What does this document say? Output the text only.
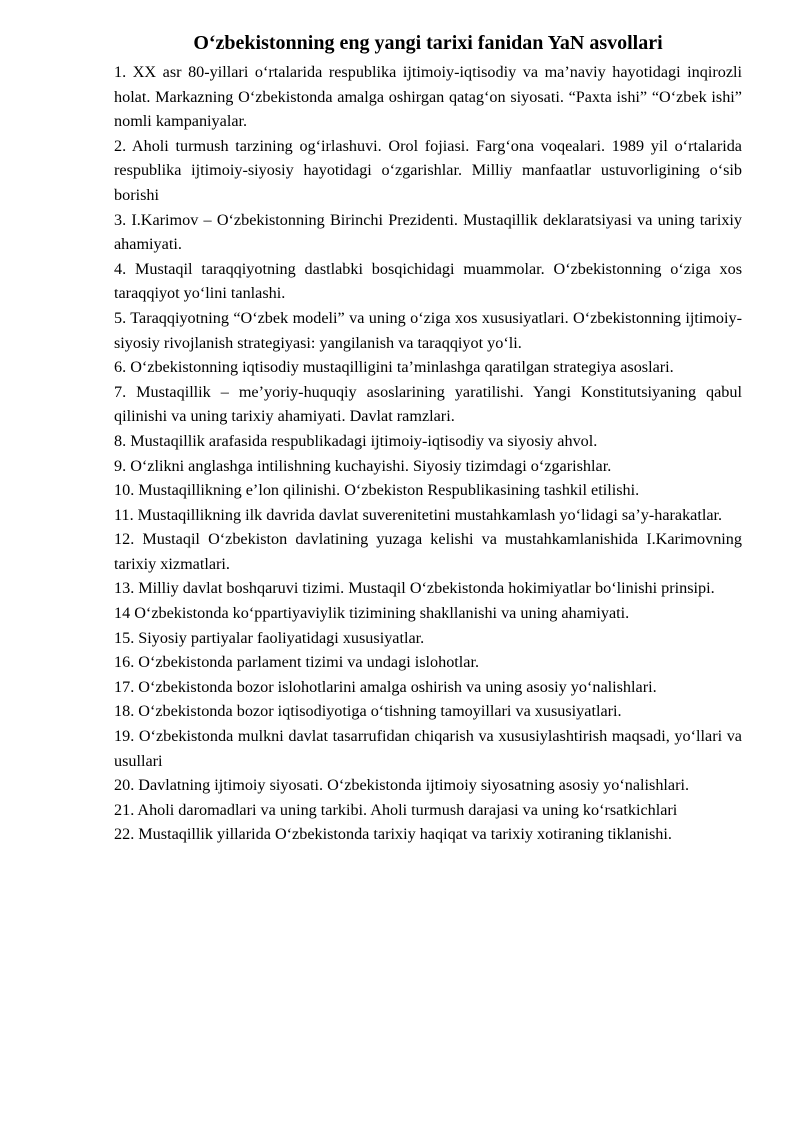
O‘zbekistonning eng yangi tarixi fanidan YaN asvollari

1. XX asr 80-yillari o‘rtalarida respublika ijtimoiy-iqtisodiy va ma’naviy hayotidagi inqirozli holat. Markazning O‘zbekistonda amalga oshirgan qatag‘on siyosati. “Paxta ishi” “O‘zbek ishi” nomli kampaniyalar.

2. Aholi turmush tarzining og‘irlashuvi. Orol fojiasi. Farg‘ona voqealari. 1989 yil o‘rtalarida respublika ijtimoiy-siyosiy hayotidagi o‘zgarishlar. Milliy manfaatlar ustuvorligining o‘sib borishi

3. I.Karimov – O‘zbekistonning Birinchi Prezidenti. Mustaqillik deklaratsiyasi va uning tarixiy ahamiyati.

4. Mustaqil taraqqiyotning dastlabki bosqichidagi muammolar. O‘zbekistonning o‘ziga xos taraqqiyot yo‘lini tanlashi.

5. Taraqqiyotning “O‘zbek modeli” va uning o‘ziga xos xususiyatlari. O‘zbekistonning ijtimoiy-siyosiy rivojlanish strategiyasi: yangilanish va taraqqiyot yo‘li.

6. O‘zbekistonning iqtisodiy mustaqilligini ta’minlashga qaratilgan strategiya asoslari.

7. Mustaqillik – me’yoriy-huquqiy asoslarining yaratilishi. Yangi Konstitutsiyaning qabul qilinishi va uning tarixiy ahamiyati. Davlat ramzlari.

8. Mustaqillik arafasida respublikadagi ijtimoiy-iqtisodiy va siyosiy ahvol.

9. O‘zlikni anglashga intilishning kuchayishi. Siyosiy tizimdagi o‘zgarishlar.

10. Mustaqillikning e’lon qilinishi. O‘zbekiston Respublikasining tashkil etilishi.

11. Mustaqillikning ilk davrida davlat suverenitetini mustahkamlash yo‘lidagi sa’y-harakatlar.

12. Mustaqil O‘zbekiston davlatining yuzaga kelishi va mustahkamlanishida I.Karimovning tarixiy xizmatlari.

13. Milliy davlat boshqaruvi tizimi. Mustaqil O‘zbekistonda hokimiyatlar bo‘linishi prinsipi.

14 O‘zbekistonda ko‘ppartiyaviylik tizimining shakllanishi va uning ahamiyati.

15. Siyosiy partiyalar faoliyatidagi xususiyatlar.

16. O‘zbekistonda parlament tizimi va undagi islohotlar.

17. O‘zbekistonda bozor islohotlarini amalga oshirish va uning asosiy yo‘nalishlari.

18. O‘zbekistonda bozor iqtisodiyotiga o‘tishning tamoyillari va xususiyatlari.

19. O‘zbekistonda mulkni davlat tasarrufidan chiqarish va xususiylashtirish maqsadi, yo‘llari va usullari

20. Davlatning ijtimoiy siyosati. O‘zbekistonda ijtimoiy siyosatning asosiy yo‘nalishlari.

21. Aholi daromadlari va uning tarkibi. Aholi turmush darajasi va uning ko‘rsatkichlari

22. Mustaqillik yillarida O‘zbekistonda tarixiy haqiqat va tarixiy xotiraning tiklanishi.
